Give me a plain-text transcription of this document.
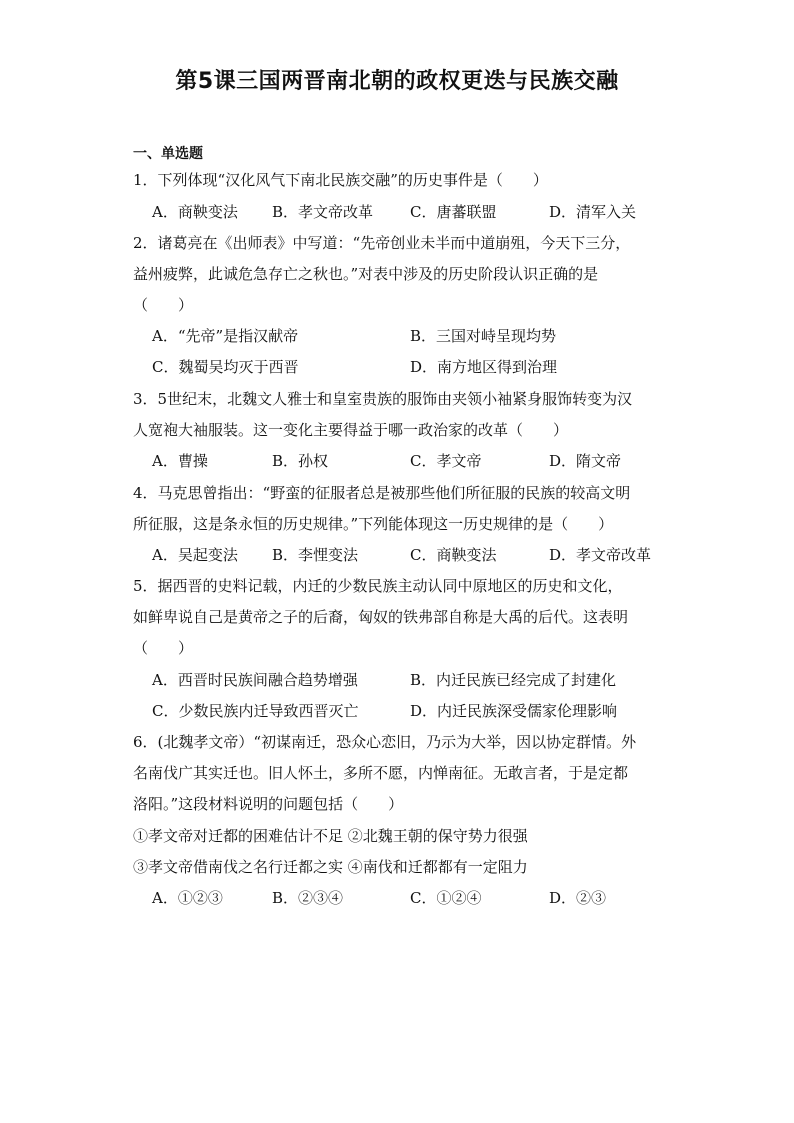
第5课三国两晋南北朝的政权更迭与民族交融
一、单选题
1．下列体现“汉化风气下南北民族交融”的历史事件是（　　）
A．商鞅变法 B．孝文帝改革 C．唐蕃联盟	D．清军入关
2．诸葛亮在《出师表》中写道：“先帝创业未半而中道崩殂，今天下三分，
益州疲弊，此诚危急存亡之秋也。”对表中涉及的历史阶段认识正确的是
（　　）
A．“先帝”是指汉献帝	B．三国对峙呈现均势
C．魏蜀吴均灭于西晋	D．南方地区得到治理
3．5世纪末，北魏文人雅士和皇室贵族的服饰由夹领小袖紧身服饰转变为汉
人宽袍大袖服装。这一变化主要得益于哪一政治家的改革（　　）
A．曹操	B．孙权	C．孝文帝	D．隋文帝
4．马克思曾指出：“野蛮的征服者总是被那些他们所征服的民族的较高文明
所征服，这是条永恒的历史规律。”下列能体现这一历史规律的是（　　）
A．吴起变法 B．李悝变法	C．商鞅变法	D．孝文帝改革
5．据西晋的史料记载，内迁的少数民族主动认同中原地区的历史和文化，
如鲜卑说自己是黄帝之子的后裔，匈奴的铁弗部自称是大禹的后代。这表明
（　　）
A．西晋时民族间融合趋势增强	B．内迁民族已经完成了封建化
C．少数民族内迁导致西晋灭亡	D．内迁民族深受儒家伦理影响
6．(北魏孝文帝）“初谋南迁，恐众心恋旧，乃示为大举，因以协定群情。外
名南伐广其实迁也。旧人怀土，多所不愿，内惮南征。无敢言者，于是定都
洛阳。”这段材料说明的问题包括（　　）
①孝文帝对迁都的困难估计不足 ②北魏王朝的保守势力很强
③孝文帝借南伐之名行迁都之实 ④南伐和迁都都有一定阻力
A．①②③	B．②③④	C．①②④	D．②③
